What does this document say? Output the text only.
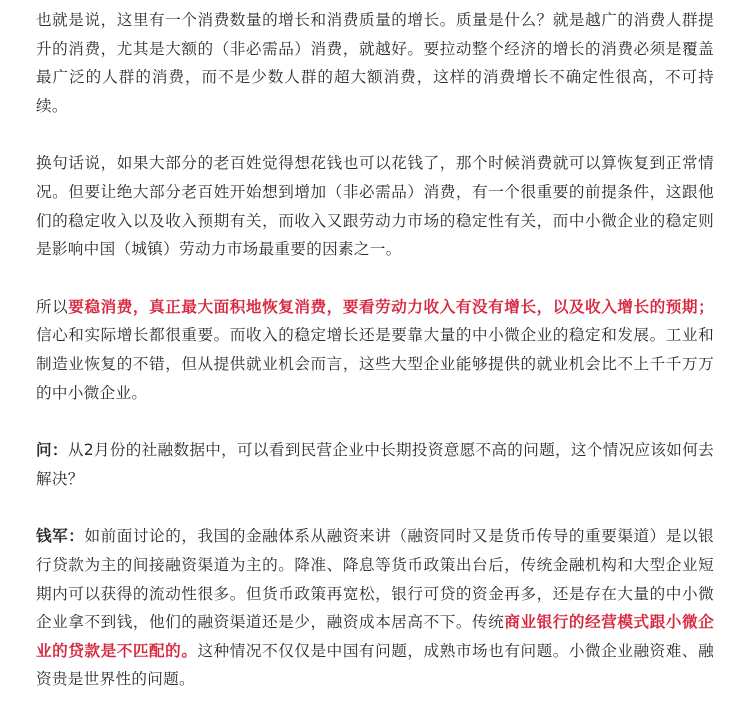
也就是说，这里有一个消费数量的增长和消费质量的增长。质量是什么？就是越广的消费人群提升的消费，尤其是大额的（非必需品）消费，就越好。要拉动整个经济的增长的消费必须是覆盖最广泛的人群的消费，而不是少数人群的超大额消费，这样的消费增长不确定性很高，不可持续。

换句话说，如果大部分的老百姓觉得想花钱也可以花钱了，那个时候消费就可以算恢复到正常情况。但要让绝大部分老百姓开始想到增加（非必需品）消费，有一个很重要的前提条件，这跟他们的稳定收入以及收入预期有关，而收入又跟劳动力市场的稳定性有关，而中小微企业的稳定则是影响中国（城镇）劳动力市场最重要的因素之一。

所以要稳消费，真正最大面积地恢复消费，要看劳动力收入有没有增长，以及收入增长的预期；信心和实际增长都很重要。而收入的稳定增长还是要靠大量的中小微企业的稳定和发展。工业和制造业恢复的不错，但从提供就业机会而言，这些大型企业能够提供的就业机会比不上千千万万的中小微企业。

问：从2月份的社融数据中，可以看到民营企业中长期投资意愿不高的问题，这个情况应该如何去解决？

钱军：如前面讨论的，我国的金融体系从融资来讲（融资同时又是货币传导的重要渠道）是以银行贷款为主的间接融资渠道为主的。降准、降息等货币政策出台后，传统金融机构和大型企业短期内可以获得的流动性很多。但货币政策再宽松，银行可贷的资金再多，还是存在大量的中小微企业拿不到钱，他们的融资渠道还是少，融资成本居高不下。传统商业银行的经营模式跟小微企业的贷款是不匹配的。这种情况不仅仅是中国有问题，成熟市场也有问题。小微企业融资难、融资贵是世界性的问题。
